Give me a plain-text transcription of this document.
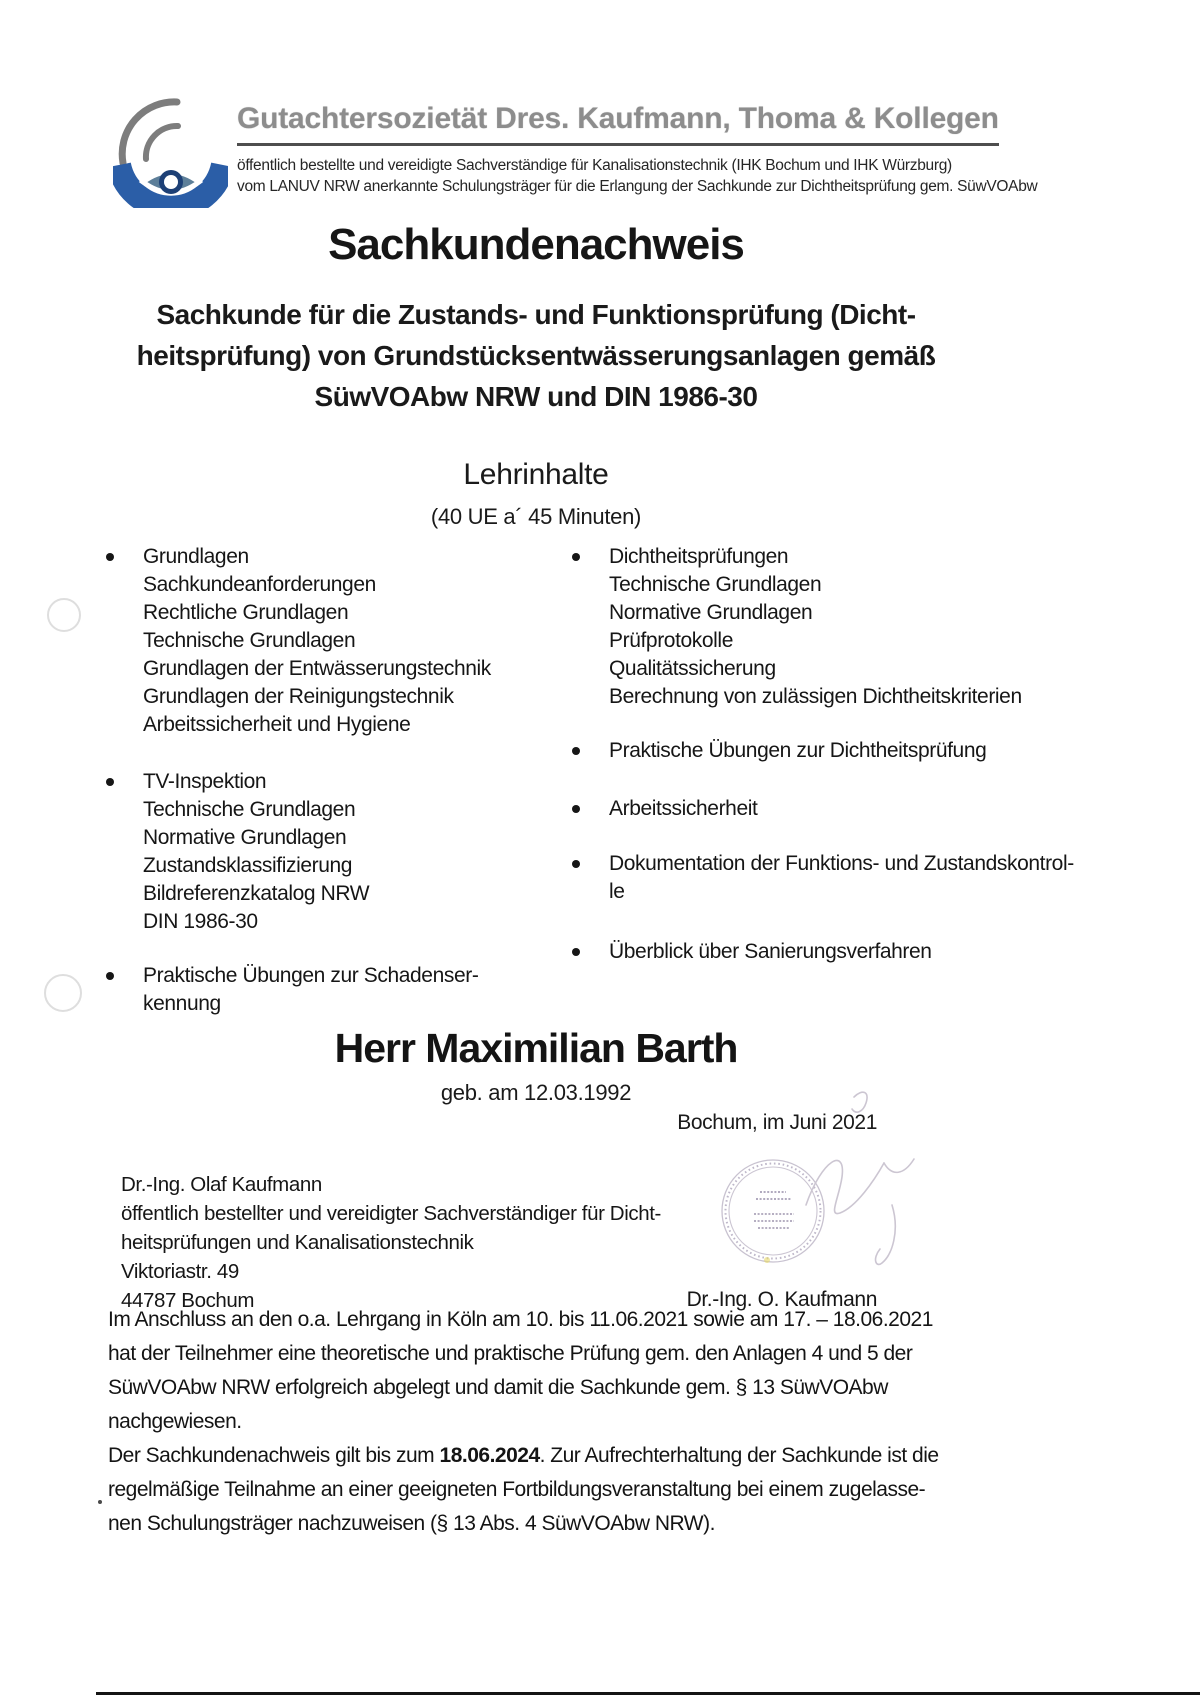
Gutachtersozietät Dres. Kaufmann, Thoma & Kollegen
öffentlich bestellte und vereidigte Sachverständige für Kanalisationstechnik (IHK Bochum und IHK Würzburg)
vom LANUV NRW anerkannte Schulungsträger für die Erlangung der Sachkunde zur Dichtheitsprüfung gem. SüwVOAbw
Sachkundenachweis
Sachkunde für die Zustands- und Funktionsprüfung (Dicht-
heitsprüfung) von Grundstücksentwässerungsanlagen gemäß
SüwVOAbw NRW und DIN 1986-30
Lehrinhalte
(40 UE a´ 45 Minuten)
Grundlagen
Sachkundeanforderungen
Rechtliche Grundlagen
Technische Grundlagen
Grundlagen der Entwässerungstechnik
Grundlagen der Reinigungstechnik
Arbeitssicherheit und Hygiene
TV-Inspektion
Technische Grundlagen
Normative Grundlagen
Zustandsklassifizierung
Bildreferenzkatalog NRW
DIN 1986-30
Praktische Übungen zur Schadenser-
kennung
Dichtheitsprüfungen
Technische Grundlagen
Normative Grundlagen
Prüfprotokolle
Qualitätssicherung
Berechnung von zulässigen Dichtheitskriterien
Praktische Übungen zur Dichtheitsprüfung
Arbeitssicherheit
Dokumentation der Funktions- und Zustandskontrol-
le
Überblick über Sanierungsverfahren
Herr Maximilian Barth
geb. am 12.03.1992
Bochum, im Juni 2021
Dr.-Ing. Olaf Kaufmann
öffentlich bestellter und vereidigter Sachverständiger für Dicht-
heitsprüfungen und Kanalisationstechnik
Viktoriastr. 49
44787 Bochum	Dr.-Ing. O. Kaufmann
Im Anschluss an den o.a. Lehrgang in Köln am 10. bis 11.06.2021 sowie am 17. – 18.06.2021
hat der Teilnehmer eine theoretische und praktische Prüfung gem. den Anlagen 4 und 5 der
SüwVOAbw NRW erfolgreich abgelegt und damit die Sachkunde gem. § 13 SüwVOAbw
nachgewiesen.
Der Sachkundenachweis gilt bis zum 18.06.2024. Zur Aufrechterhaltung der Sachkunde ist die
regelmäßige Teilnahme an einer geeigneten Fortbildungsveranstaltung bei einem zugelasse-
nen Schulungsträger nachzuweisen (§ 13 Abs. 4 SüwVOAbw NRW).
